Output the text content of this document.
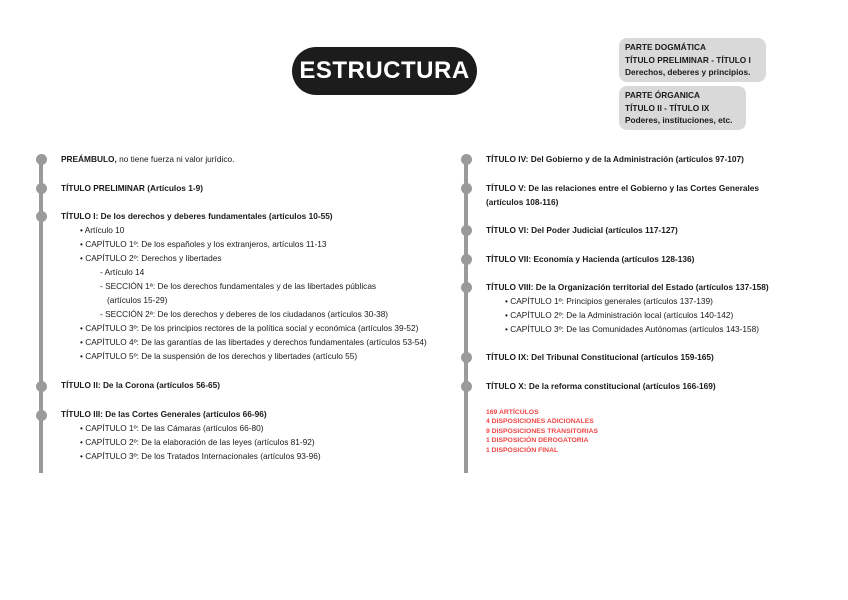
ESTRUCTURA
PARTE DOGMÁTICA
TÍTULO PRELIMINAR - TÍTULO I
Derechos, deberes y principios.
PARTE ÓRGANICA
TÍTULO II - TÍTULO IX
Poderes, instituciones, etc.
PREÁMBULO, no tiene fuerza ni valor jurídico.
TÍTULO PRELIMINAR (Artículos 1-9)
TÍTULO I: De los derechos y deberes fundamentales (artículos 10-55)
• Artículo 10
• CAPÍTULO 1º: De los españoles y los extranjeros, artículos 11-13
• CAPÍTULO 2º: Derechos y libertades
- Artículo 14
- SECCIÓN 1ª: De los derechos fundamentales y de las libertades públicas
(artículos 15-29)
- SECCIÓN 2ª: De los derechos y deberes de los ciudadanos (artículos 30-38)
• CAPÍTULO 3º: De los principios rectores de la política social y económica (artículos 39-52)
• CAPÍTULO 4º: De las garantías de las libertades y derechos fundamentales (artículos 53-54)
• CAPÍTULO 5º: De la suspensión de los derechos y libertades (artículo 55)
TÍTULO II: De la Corona (artículos 56-65)
TÍTULO III: De las Cortes Generales (artículos 66-96)
• CAPÍTULO 1º: De las Cámaras (artículos 66-80)
• CAPÍTULO 2º: De la elaboración de las leyes (artículos 81-92)
• CAPÍTULO 3º: De los Tratados Internacionales (artículos 93-96)
TÍTULO IV: Del Gobierno y de la Administración (artículos 97-107)
TÍTULO V: De las relaciones entre el Gobierno y las Cortes Generales
(artículos 108-116)
TÍTULO VI: Del Poder Judicial (artículos 117-127)
TÍTULO VII: Economía y Hacienda (artículos 128-136)
TÍTULO VIII: De la Organización territorial del Estado (artículos 137-158)
• CAPÍTULO 1º: Principios generales (artículos 137-139)
• CAPÍTULO 2º: De la Administración local (artículos 140-142)
• CAPÍTULO 3º: De las Comunidades Autónomas (artículos 143-158)
TÍTULO IX: Del Tribunal Constitucional (artículos 159-165)
TÍTULO X: De la reforma constitucional (artículos 166-169)
169 ARTÍCULOS
4 DISPOSICIONES ADICIONALES
9 DISPOSICIONES TRANSITORIAS
1 DISPOSICIÓN DEROGATORIA
1 DISPOSICIÓN FINAL
